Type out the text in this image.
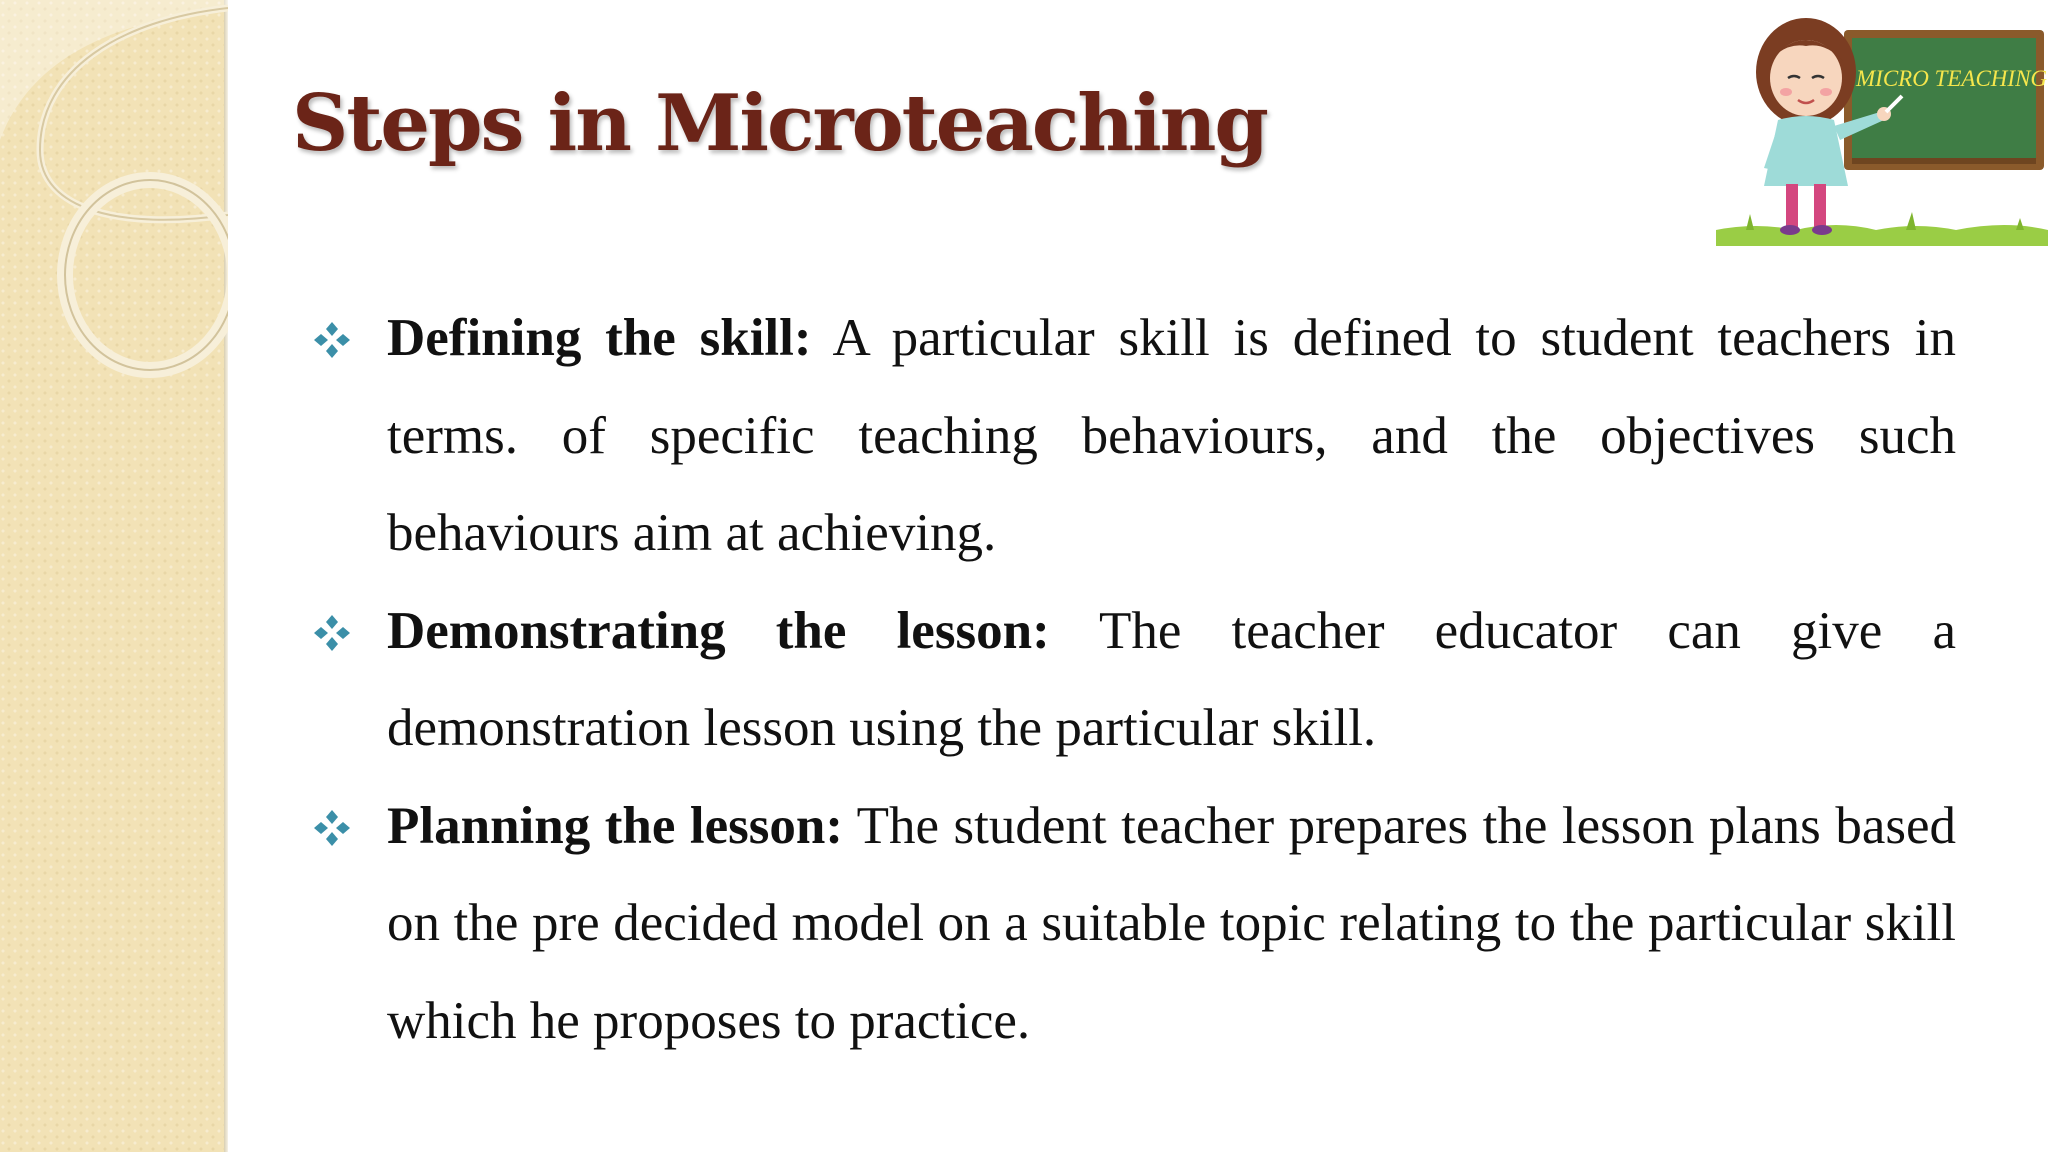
Steps in Microteaching	MICRO TEACHING

Defining the skill: A particular skill is defined to student teachers in terms. of specific teaching behaviours, and the objectives such behaviours aim at achieving.

Demonstrating the lesson: The teacher educator can give a demonstration lesson using the particular skill.

Planning the lesson: The student teacher prepares the lesson plans based on the pre decided model on a suitable topic relating to the particular skill which he proposes to practice.
